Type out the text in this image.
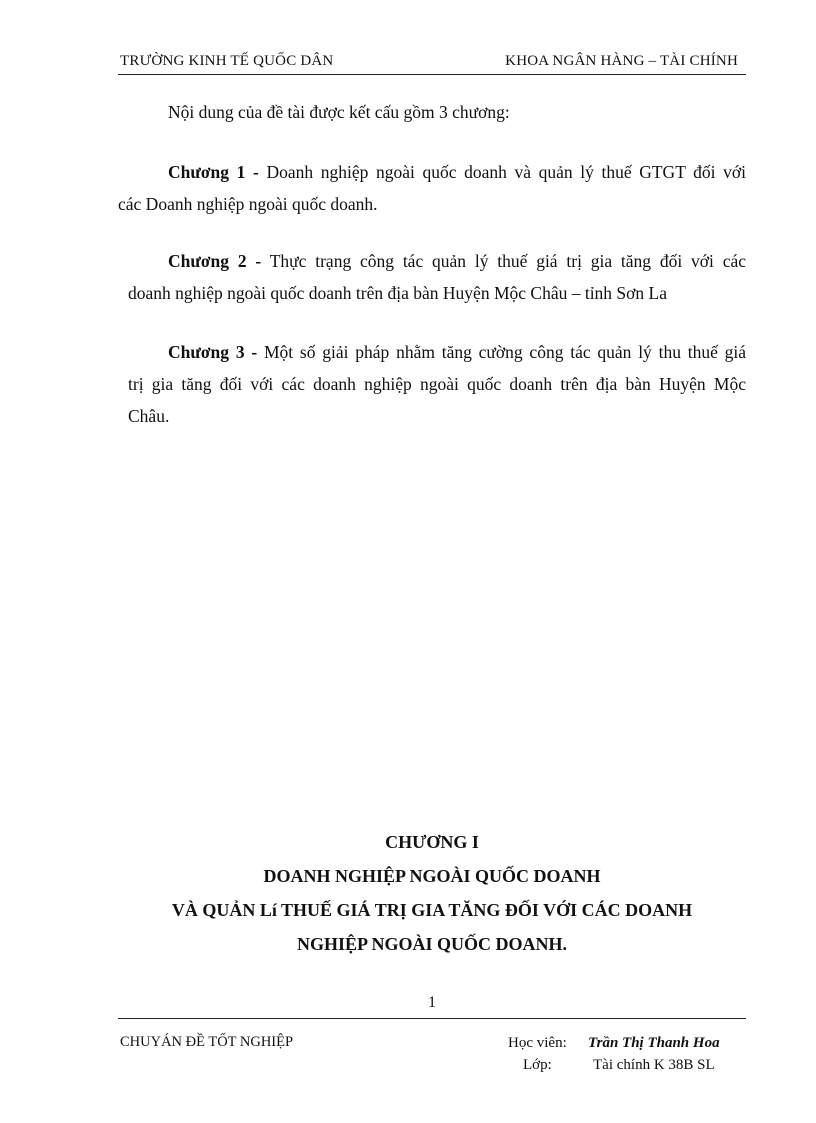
TRƯỜNG KINH TẾ QUỐC DÂN	KHOA NGÂN HÀNG – TÀI CHÍNH
Nội dung của đề tài được kết cấu gồm 3 chương:
Chương 1 - Doanh nghiệp ngoài quốc doanh và quản lý thuế GTGT đối với
các Doanh nghiệp ngoài quốc doanh.
Chương 2 - Thực trạng công tác quản lý thuế giá trị gia tăng đối với các
doanh nghiệp ngoài quốc doanh trên địa bàn Huyện Mộc Châu – tỉnh Sơn La
Chương 3 - Một số giải pháp nhằm tăng cường công tác quản lý thu thuế giá
trị gia tăng đối với các doanh nghiệp ngoài quốc doanh trên địa bàn Huyện Mộc
Châu.
CHƯƠNG I
DOANH NGHIỆP NGOÀI QUỐC DOANH
VÀ QUẢN Lí THUẾ GIÁ TRỊ GIA TĂNG ĐỐI VỚI CÁC DOANH
NGHIỆP NGOÀI QUỐC DOANH.
1
CHUYÁN ĐỀ TỐT NGHIỆP	Học viên:	Trần Thị Thanh Hoa
Lớp:	Tài chính K 38B SL
